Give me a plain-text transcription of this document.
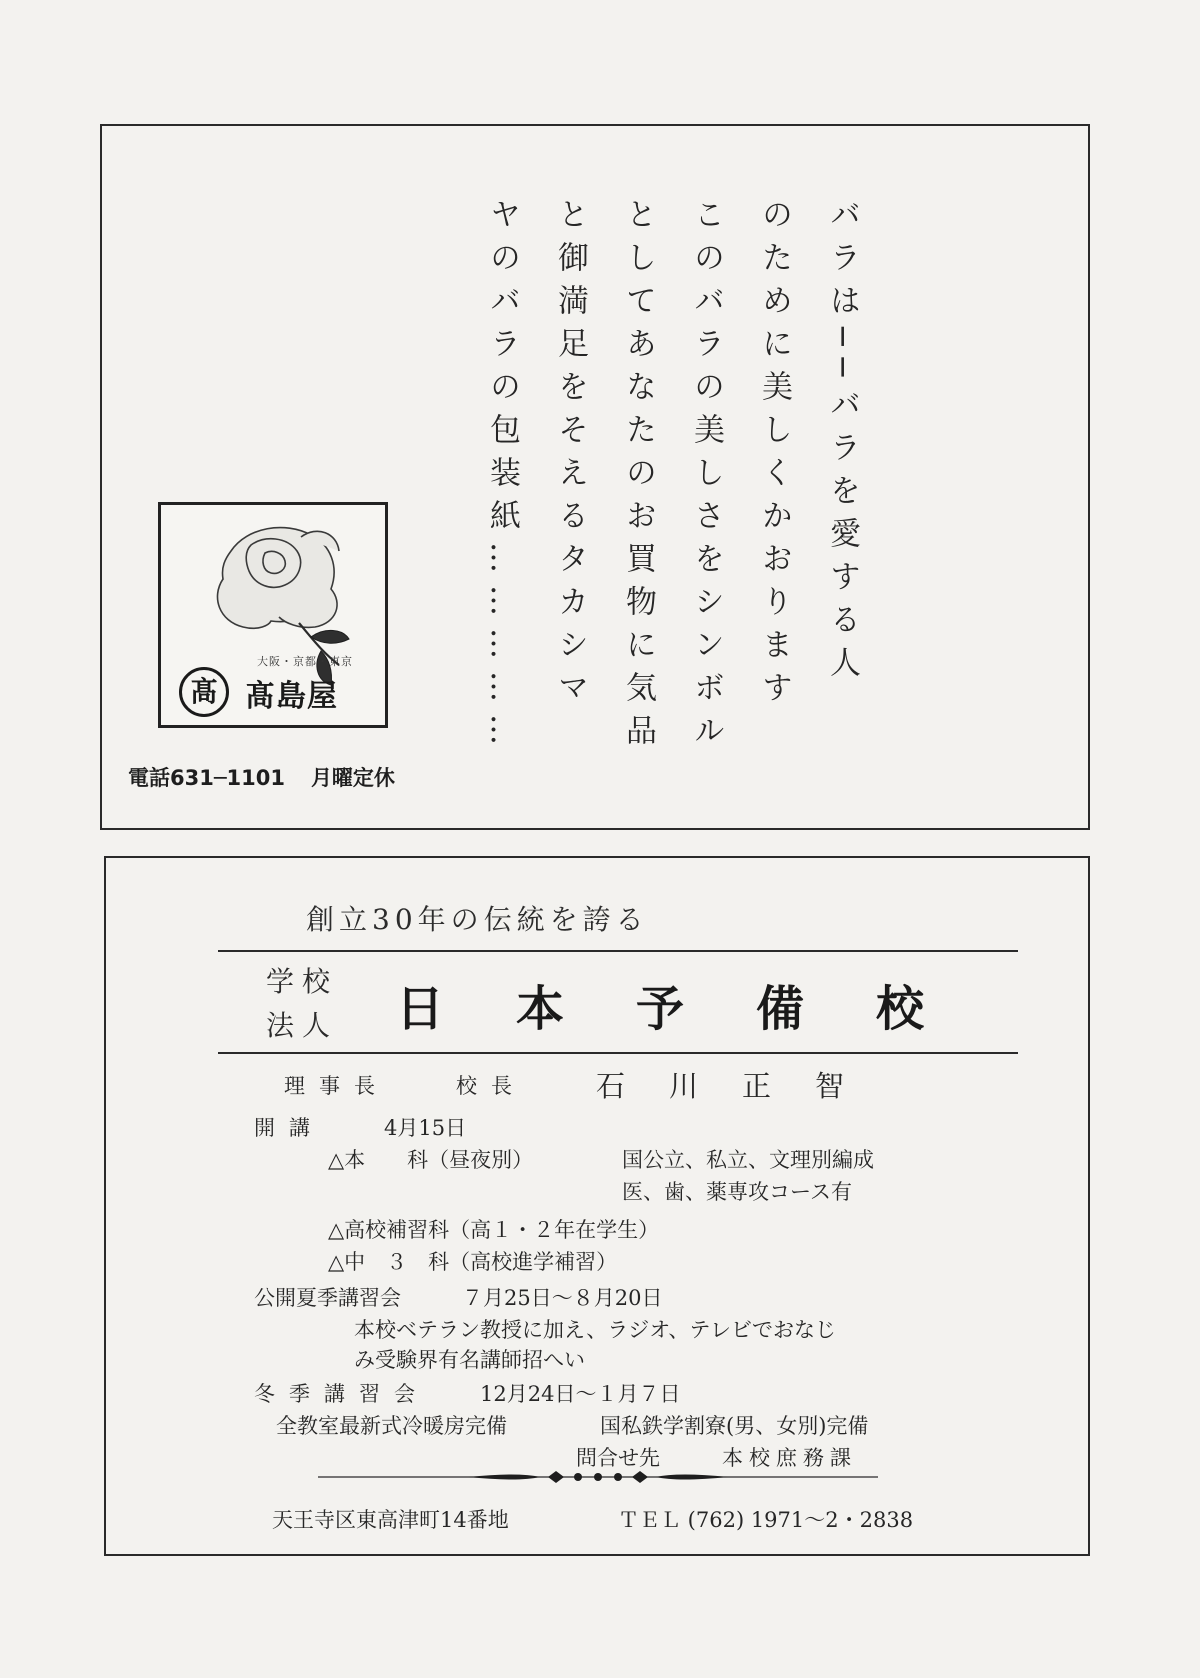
バラは──バラを愛する人
のために美しくかおります
このバラの美しさをシンボル
としてあなたのお買物に気品
と御満足をそえるタカシマ
ヤのバラの包装紙……………
大阪・京都・東京
髙 髙島屋
電話631─1101 月曜定休
創立30年の伝統を誇る
学校
法人 日本予備校
理事長	校長 石川正智
開講	4月15日
△本　　科（昼夜別）	国公立、私立、文理別編成
医、歯、薬専攻コース有
△高校補習科（高１・２年在学生）
△中　３　科（高校進学補習）
公開夏季講習会	７月25日～８月20日
本校ベテラン教授に加え、ラジオ、テレビでおなじ
み受験界有名講師招へい
冬季講習会 12月24日～１月７日
全教室最新式冷暖房完備	国私鉄学割寮(男、女別)完備
問合せ先	本校庶務課
天王寺区東高津町14番地	ＴＥＬ (762) 1971～2・2838
